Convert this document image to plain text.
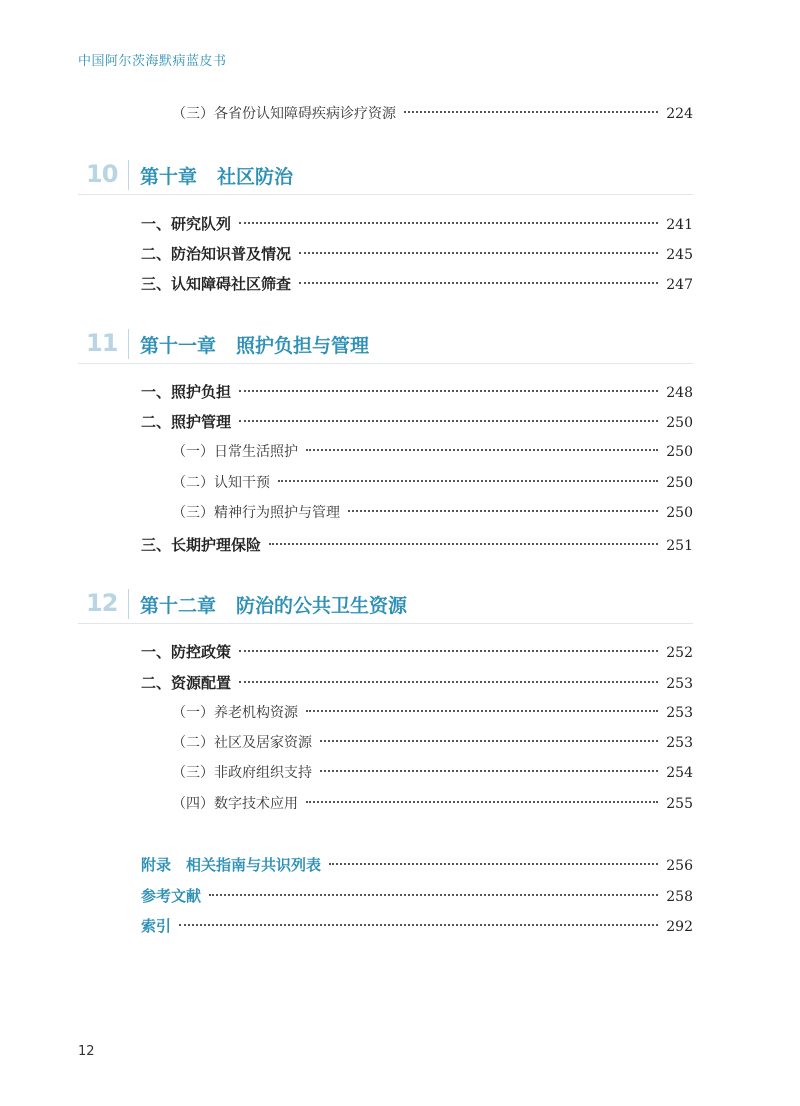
中国阿尔茨海默病蓝皮书
（三）各省份认知障碍疾病诊疗资源	224
10 第十章 社区防治
一、研究队列	241
二、防治知识普及情况	245
三、认知障碍社区筛查	247
11 第十一章 照护负担与管理
一、照护负担	248
二、照护管理	250
（一）日常生活照护	250
（二）认知干预	250
（三）精神行为照护与管理	250
三、长期护理保险	251
12 第十二章 防治的公共卫生资源
一、防控政策	252
二、资源配置	253
（一）养老机构资源	253
（二）社区及居家资源	253
（三）非政府组织支持	254
（四）数字技术应用	255
附录　相关指南与共识列表	256
参考文献	258
索引	292
12
